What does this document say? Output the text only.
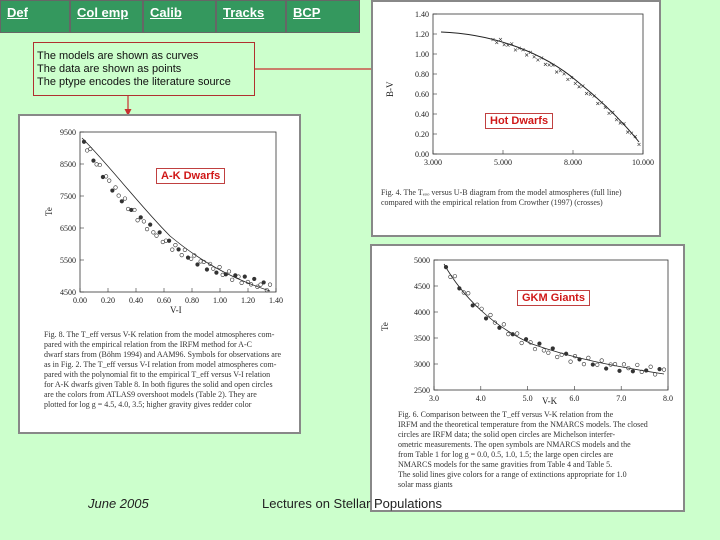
Def	Col emp	Calib	Tracks	BCP
The models are shown as curves
The data are shown as points
The ptype encodes the literature source	B-V
1.40
1.20
1.00
0.80
0.60
0.40
0.20
0.00
3.000	5.000	8.000	10.000
Fig. 4. The Tₑₒₒ versus U-B diagram from the model atmospheres (full line) compared with the empirical relation from Crowther (1997) (crosses)
Hot Dwarfs
Te
V-I
9500
8500
7500
6500
5500
4500
0.00 0.20 0.40 0.60 0.80 1.00 1.20 1.40
Fig. 8. The T_eff versus V-K relation from the model atmospheres com-
pared with the empirical relation from the IRFM method for A-C
dwarf stars from (Böhm 1994) and AAM96. Symbols for observations are
as in Fig. 2. The T_eff versus V-I relation from model atmospheres com-
pared with the polynomial fit to the empirical T_eff versus V-I relation
for A-K dwarfs given Table 8. In both figures the solid and open circles
are the colors from ATLAS9 overshoot models (Table 2). They are
plotted for log g = 4.5, 4.0, 3.5; higher gravity gives redder color
A-K Dwarfs
Te
V-K
5000
4500
4000
3500
3000
2500
3.0	4.0	5.0	6.0	7.0	8.0
Fig. 6. Comparison between the T_eff versus V-K relation from the
IRFM and the theoretical temperature from the NMARCS models. The closed
circles are IRFM data; the solid open circles are Michelson interfer-
ometric measurements. The open symbols are NMARCS models and the
from Table 1 for log g = 0.0, 0.5, 1.0, 1.5; the large open circles are
NMARCS models for the same gravities from Table 4 and Table 5.
The solid lines give colors for a range of extinctions appropriate for 1.0
solar mass giants
GKM Giants
June 2005	Lectures on Stellar Populations
